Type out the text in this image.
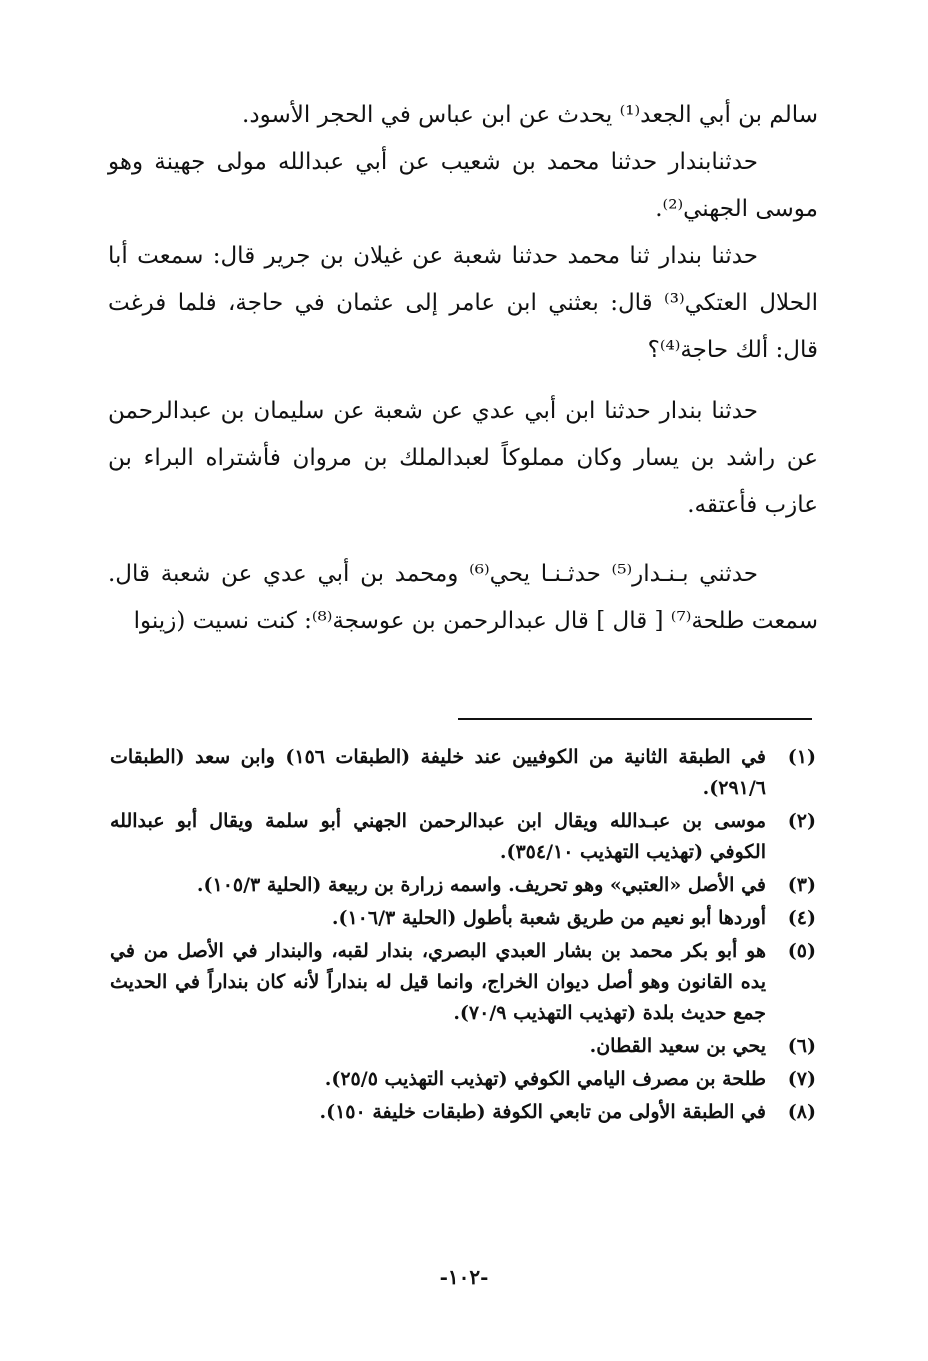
سالم بن أبي الجعد⁽¹⁾ يحدث عن ابن عباس في الحجر الأسود.

حدثنابندار حدثنا محمد بن شعيب عن أبي عبدالله مولى جهينة وهو موسى الجهني⁽²⁾.

حدثنا بندار ثنا محمد حدثنا شعبة عن غيلان بن جرير قال: سمعت أبا الحلال العتكي⁽³⁾ قال: بعثني ابن عامر إلى عثمان في حاجة، فلما فرغت قال: ألك حاجة⁽⁴⁾؟

حدثنا بندار حدثنا ابن أبي عدي عن شعبة عن سليمان بن عبدالرحمن عن راشد بن يسار وكان مملوكاً لعبدالملك بن مروان فأشتراه البراء بن عازب فأعتقه.

حدثني بـنـدار⁽⁵⁾ حدثـنـا يحي⁽⁶⁾ ومحمد بن أبي عدي عن شعبة قال. سمعت طلحة⁽⁷⁾ [ قال ] قال عبدالرحمن بن عوسجة⁽⁸⁾: كنت نسيت (زينوا

(١)
في الطبقة الثانية من الكوفيين عند خليفة (الطبقات ١٥٦) وابن سعد (الطبقات ٢٩١/٦).
(٢)
موسى بن عبـدالله ويقال ابن عبدالرحمن الجهني أبو سلمة ويقال أبو عبدالله الكوفي (تهذيب التهذيب ٣٥٤/١٠).
(٣)
في الأصل «العتبي» وهو تحريف. واسمه زرارة بن ربيعة (الحلية ١٠٥/٣).
(٤)
أوردها أبو نعيم من طريق شعبة بأطول (الحلية ١٠٦/٣).
(٥)
هو أبو بكر محمد بن بشار العبدي البصري، بندار لقبه، والبندار في الأصل من في يده القانون وهو أصل ديوان الخراج، وانما قيل له بنداراً لأنه كان بنداراً في الحديث جمع حديث بلدة (تهذيب التهذيب ٧٠/٩).
(٦)
يحي بن سعيد القطان.
(٧)
طلحة بن مصرف اليامي الكوفي (تهذيب التهذيب ٢٥/٥).
(٨)
في الطبقة الأولى من تابعي الكوفة (طبقات خليفة ١٥٠).
-١٠٢-
